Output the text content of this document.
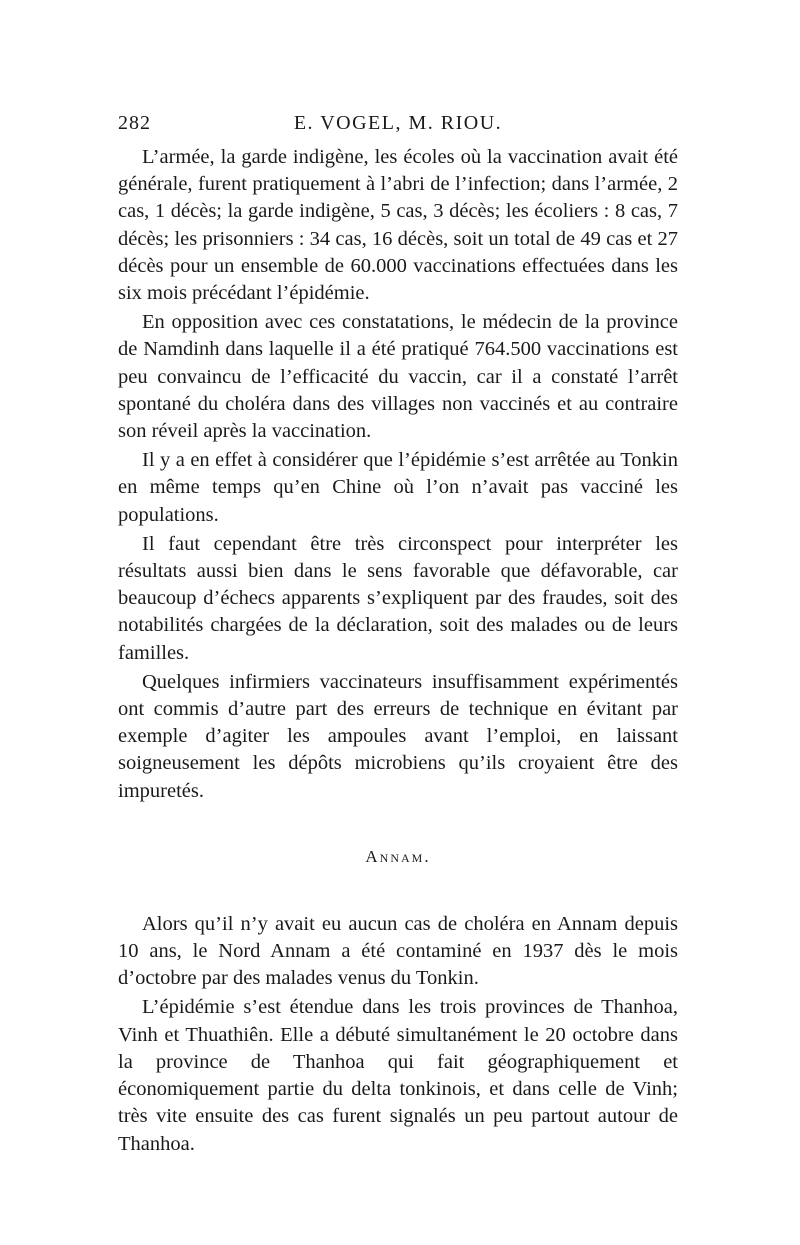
282	E. VOGEL, M. RIOU.

L’armée, la garde indigène, les écoles où la vaccination avait été générale, furent pratiquement à l’abri de l’infection; dans l’armée, 2 cas, 1 décès; la garde indigène, 5 cas, 3 décès; les écoliers : 8 cas, 7 décès; les prisonniers : 34 cas, 16 décès, soit un total de 49 cas et 27 décès pour un ensemble de 60.000 vaccinations effectuées dans les six mois précédant l’épidémie.

En opposition avec ces constatations, le médecin de la province de Namdinh dans laquelle il a été pratiqué 764.500 vaccinations est peu convaincu de l’efficacité du vaccin, car il a constaté l’arrêt spontané du choléra dans des villages non vaccinés et au contraire son réveil après la vaccination.

Il y a en effet à considérer que l’épidémie s’est arrêtée au Tonkin en même temps qu’en Chine où l’on n’avait pas vacciné les populations.

Il faut cependant être très circonspect pour interpréter les résultats aussi bien dans le sens favorable que défavorable, car beaucoup d’échecs apparents s’expliquent par des fraudes, soit des notabilités chargées de la déclaration, soit des malades ou de leurs familles.

Quelques infirmiers vaccinateurs insuffisamment expérimentés ont commis d’autre part des erreurs de technique en évitant par exemple d’agiter les ampoules avant l’emploi, en laissant soigneusement les dépôts microbiens qu’ils croyaient être des impuretés.

Annam.

Alors qu’il n’y avait eu aucun cas de choléra en Annam depuis 10 ans, le Nord Annam a été contaminé en 1937 dès le mois d’octobre par des malades venus du Tonkin.

L’épidémie s’est étendue dans les trois provinces de Thanhoa, Vinh et Thuathiên. Elle a débuté simultanément le 20 octobre dans la province de Thanhoa qui fait géographiquement et économiquement partie du delta tonkinois, et dans celle de Vinh; très vite ensuite des cas furent signalés un peu partout autour de Thanhoa.
